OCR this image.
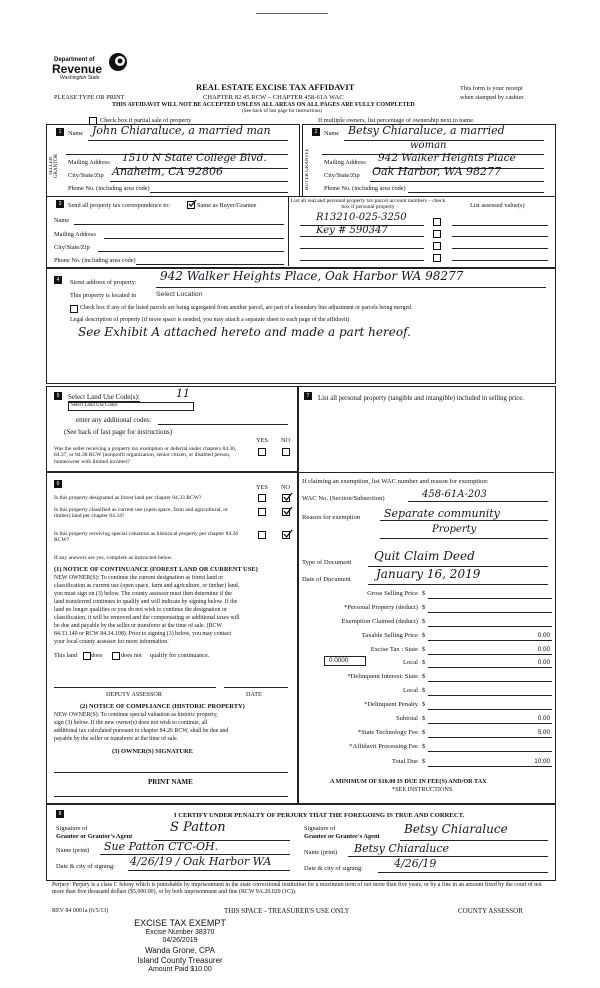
Department of
Revenue
Washington State
PLEASE TYPE OR PRINT
REAL ESTATE EXCISE TAX AFFIDAVIT
CHAPTER 82.45 RCW – CHAPTER 458-61A WAC
THIS AFFIDAVIT WILL NOT BE ACCEPTED UNLESS ALL AREAS ON ALL PAGES ARE FULLY COMPLETED
(See back of last page for instructions)
This form is your receipt
when stamped by cashier.
Check box if partial sale of property	If multiple owners, list percentage of ownership next to name.
1
SELLER GRANTOR
Name John Chiaraluce, a married man
Mailing Address 1510 N State College Blvd.
City/State/Zip Anaheim, CA 92806
Phone No. (including area code)
2
BUYER GRANTEE
Name Betsy Chiaraluce, a married
woman
Mailing Address 942 Walker Heights Place
City/State/Zip Oak Harbor, WA 98277
Phone No. (including area code)
3	Send all property tax correspondence to:	Same as Buyer/Grantee
Name
Mailing Address
City/State/Zip
Phone No. (including area code)
List all real and personal property tax parcel account numbers – check box if personal property	List assessed value(s)
R13210-025-3250
Key # 590347
4	Street address of property: 942 Walker Heights Place, Oak Harbor WA 98277
This property is located in	Select Location
Check box if any of the listed parcels are being segregated from another parcel, are part of a boundary line adjustment or parcels being merged.
Legal description of property (if more space is needed, you may attach a separate sheet to each page of the affidavit)
See Exhibit A attached hereto and made a part hereof.
5	Select Land Use Code(s):	11
Select Land Use Codes
enter any additional codes:
(See back of last page for instructions)
YES NO
Was the seller receiving a property tax exemption or deferral under chapters 84.36, 84.37, or 84.38 RCW (nonprofit organization, senior citizen, or disabled person, homeowner with limited income)?
6	YES NO
Is this property designated as forest land per chapter 84.33 RCW?
Is this property classified as current use (open space, farm and agricultural, or timber) land per chapter 84.34?
Is this property receiving special valuation as historical property per chapter 84.26 RCW?
If any answers are yes, complete as instructed below.
(1) NOTICE OF CONTINUANCE (FOREST LAND OR CURRENT USE)
NEW OWNER(S): To continue the current designation as forest land or
classification as current use (open space, farm and agriculture, or timber) land,
you must sign on (3) below. The county assessor must then determine if the
land transferred continues to qualify and will indicate by signing below. If the
land no longer qualifies or you do not wish to continue the designation or
classification, it will be removed and the compensating or additional taxes will
be due and payable by the seller or transferor at the time of sale. (RCW
84.33.140 or RCW 84.34.108). Prior to signing (3) below, you may contact
your local county assessor for more information.
This land does	does not qualify for continuance.
DEPUTY ASSESSOR	DATE
(2) NOTICE OF COMPLIANCE (HISTORIC PROPERTY)
NEW OWNER(S): To continue special valuation as historic property,
sign (3) below. If the new owner(s) does not wish to continue, all
additional tax calculated pursuant to chapter 84.26 RCW, shall be due and
payable by the seller or transferor at the time of sale.
(3) OWNER(S) SIGNATURE
PRINT NAME
7	List all personal property (tangible and intangible) included in selling price.
If claiming an exemption, list WAC number and reason for exemption:
WAC No. (Section/Subsection)	458-61A-203
Reason for exemption Separate community
Property
Type of Document Quit Claim Deed
Date of Document January 16, 2019
Gross Selling Price $
*Personal Property (deduct) $
Exemption Claimed (deduct) $
Taxable Selling Price $	0.00
Excise Tax : State $	0.00
0.0000	Local $	0.00
*Delinquent Interest: State $
Local $
*Delinquent Penalty $
Subtotal $	0.00
*State Technology Fee $	5.00
*Affidavit Processing Fee $
Total Due $	10.00
A MINIMUM OF $10.00 IS DUE IN FEE(S) AND/OR TAX
*SEE INSTRUCTIONS
8	I CERTIFY UNDER PENALTY OF PERJURY THAT THE FOREGOING IS TRUE AND CORRECT.
Signature of
Grantor or Grantor's Agent
S Patton
Name (print) Sue Patton CTC-OH.
Date & city of signing: 4/26/19 / Oak Harbor WA
Signature of
Grantee or Grantee's Agent
Betsy Chiaraluce
Name (print) Betsy Chiaraluce
Date & city of signing:	4/26/19
Perjury: Perjury is a class C felony which is punishable by imprisonment in the state correctional institution for a maximum term of not more than five years, or by a fine in an amount fixed by the court of not more than five thousand dollars ($5,000.00), or by both imprisonment and fine (RCW 9A.20.020 (1C)).
REV 84 0001a (6/5/13)	THIS SPACE - TREASURER'S USE ONLY	COUNTY ASSESSOR
EXCISE TAX EXEMPT
Excise Number 38370
04/26/2019
Wanda Grone, CPA
Island County Treasurer
Amount Paid $10.00
